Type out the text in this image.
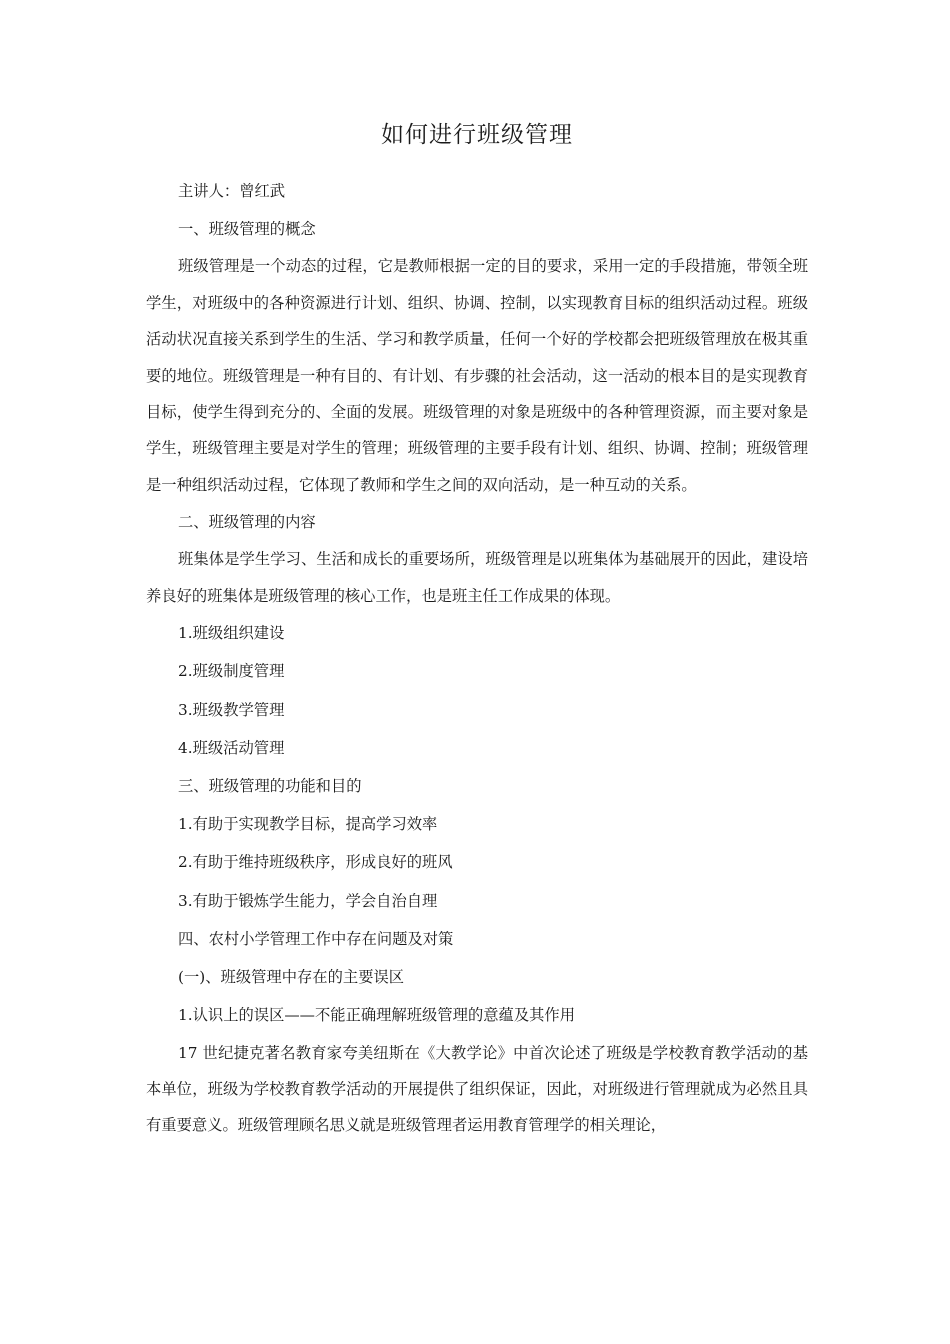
如何进行班级管理

主讲人：曾红武

一、班级管理的概念

班级管理是一个动态的过程，它是教师根据一定的目的要求，采用一定的手段措施，带领全班学生，对班级中的各种资源进行计划、组织、协调、控制，以实现教育目标的组织活动过程。班级活动状况直接关系到学生的生活、学习和教学质量，任何一个好的学校都会把班级管理放在极其重要的地位。班级管理是一种有目的、有计划、有步骤的社会活动，这一活动的根本目的是实现教育目标，使学生得到充分的、全面的发展。班级管理的对象是班级中的各种管理资源，而主要对象是学生，班级管理主要是对学生的管理；班级管理的主要手段有计划、组织、协调、控制；班级管理是一种组织活动过程，它体现了教师和学生之间的双向活动，是一种互动的关系。

二、班级管理的内容

班集体是学生学习、生活和成长的重要场所，班级管理是以班集体为基础展开的因此，建设培养良好的班集体是班级管理的核心工作，也是班主任工作成果的体现。

1.班级组织建设

2.班级制度管理

3.班级教学管理

4.班级活动管理

三、班级管理的功能和目的

1.有助于实现教学目标，提高学习效率

2.有助于维持班级秩序，形成良好的班风

3.有助于锻炼学生能力，学会自治自理

四、农村小学管理工作中存在问题及对策

(一)、班级管理中存在的主要误区

1.认识上的误区——不能正确理解班级管理的意蕴及其作用

17 世纪捷克著名教育家夸美纽斯在《大教学论》中首次论述了班级是学校教育教学活动的基本单位，班级为学校教育教学活动的开展提供了组织保证，因此，对班级进行管理就成为必然且具有重要意义。班级管理顾名思义就是班级管理者运用教育管理学的相关理论，
